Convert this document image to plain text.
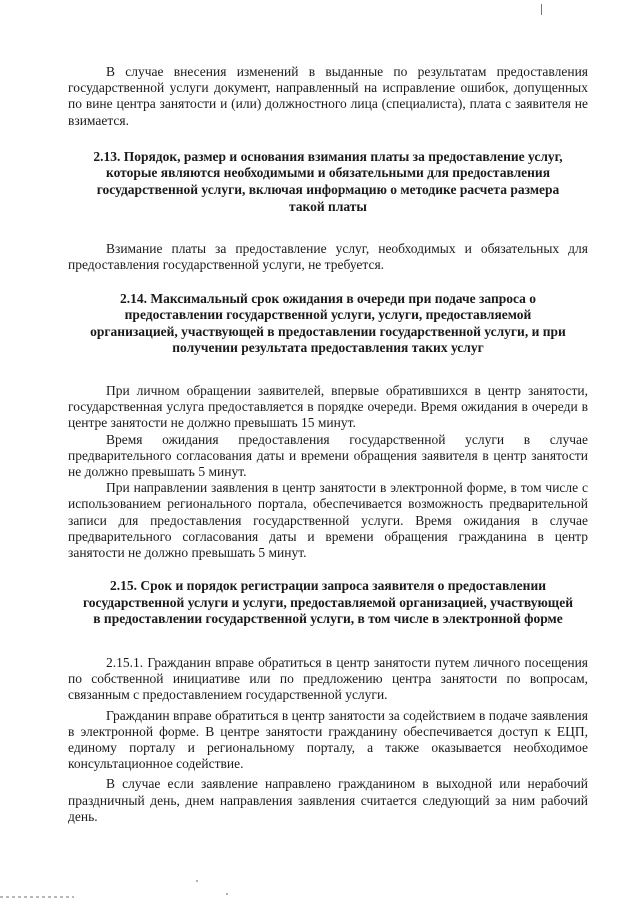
В случае внесения изменений в выданные по результатам предоставления государственной услуги документ, направленный на исправление ошибок, допущенных по вине центра занятости и (или) должностного лица (специалиста), плата с заявителя не взимается.

2.13. Порядок, размер и основания взимания платы за предоставление услуг, которые являются необходимыми и обязательными для предоставления государственной услуги, включая информацию о методике расчета размера такой платы

Взимание платы за предоставление услуг, необходимых и обязательных для предоставления государственной услуги, не требуется.

2.14. Максимальный срок ожидания в очереди при подаче запроса о предоставлении государственной услуги, услуги, предоставляемой организацией, участвующей в предоставлении государственной услуги, и при получении результата предоставления таких услуг

При личном обращении заявителей, впервые обратившихся в центр занятости, государственная услуга предоставляется в порядке очереди. Время ожидания в очереди в центре занятости не должно превышать 15 минут.

Время ожидания предоставления государственной услуги в случае предварительного согласования даты и времени обращения заявителя в центр занятости не должно превышать 5 минут.

При направлении заявления в центр занятости в электронной форме, в том числе с использованием регионального портала, обеспечивается возможность предварительной записи для предоставления государственной услуги. Время ожидания в случае предварительного согласования даты и времени обращения гражданина в центр занятости не должно превышать 5 минут.

2.15. Срок и порядок регистрации запроса заявителя о предоставлении государственной услуги и услуги, предоставляемой организацией, участвующей в предоставлении государственной услуги, в том числе в электронной форме

2.15.1. Гражданин вправе обратиться в центр занятости путем личного посещения по собственной инициативе или по предложению центра занятости по вопросам, связанным с предоставлением государственной услуги.

Гражданин вправе обратиться в центр занятости за содействием в подаче заявления в электронной форме. В центре занятости гражданину обеспечивается доступ к ЕЦП, единому порталу и региональному порталу, а также оказывается необходимое консультационное содействие.

В случае если заявление направлено гражданином в выходной или нерабочий праздничный день, днем направления заявления считается следующий за ним рабочий день.
